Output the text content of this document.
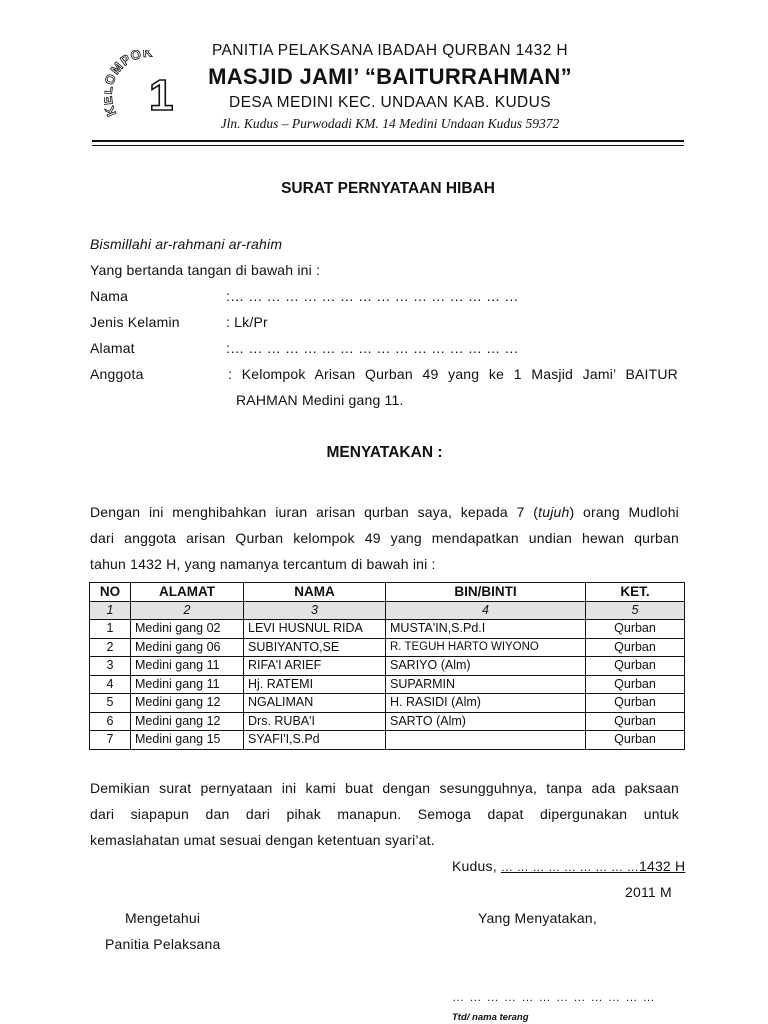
MPOK
1
PANITIA PELAKSANA IBADAH QURBAN 1432 H
MASJID JAMI’ “BAITURRAHMAN”
DESA MEDINI KEC. UNDAAN KAB. KUDUS
Jln. Kudus – Purwodadi KM. 14 Medini Undaan Kudus 59372
SURAT PERNYATAAN HIBAH
Bismillahi ar-rahmani ar-rahim
Yang bertanda tangan di bawah ini :
Nama	:… … … … … … … … … … … … … … … …
Jenis Kelamin	: Lk/Pr
Alamat	:… … … … … … … … … … … … … … … …
Anggota	: Kelompok Arisan Qurban 49 yang ke 1 Masjid Jami’ BAITUR
RAHMAN Medini gang 11.
MENYATAKAN :
Dengan ini menghibahkan iuran arisan qurban saya, kepada 7 (tujuh) orang Mudlohi
dari anggota arisan Qurban kelompok 49 yang mendapatkan undian hewan qurban
tahun 1432 H, yang namanya tercantum di bawah ini :
NO	ALAMAT	NAMA	BIN/BINTI	KET.
1	2	3	4	5
1	Medini gang 02	LEVI HUSNUL RIDA	MUSTA'IN,S.Pd.I	Qurban
2	Medini gang 06	SUBIYANTO,SE	R. TEGUH HARTO WIYONO	Qurban
3	Medini gang 11	RIFA'I ARIEF	SARIYO (Alm)	Qurban
4	Medini gang 11	Hj. RATEMI	SUPARMIN	Qurban
5	Medini gang 12	NGALIMAN	H. RASIDI (Alm)	Qurban
6	Medini gang 12	Drs. RUBA'I	SARTO (Alm)	Qurban
7	Medini gang 15	SYAFI'I,S.Pd		Qurban
Demikian surat pernyataan ini kami buat dengan sesungguhnya, tanpa ada paksaan
dari siapapun dan dari pihak manapun. Semoga dapat dipergunakan untuk
kemaslahatan umat sesuai dengan ketentuan syari’at.
Kudus, … … … … … … … … …1432 H
2011 M
Mengetahui
Panitia Pelaksana
Yang Menyatakan,
… … … … … … … … … … … …
Ttd/ nama terang
